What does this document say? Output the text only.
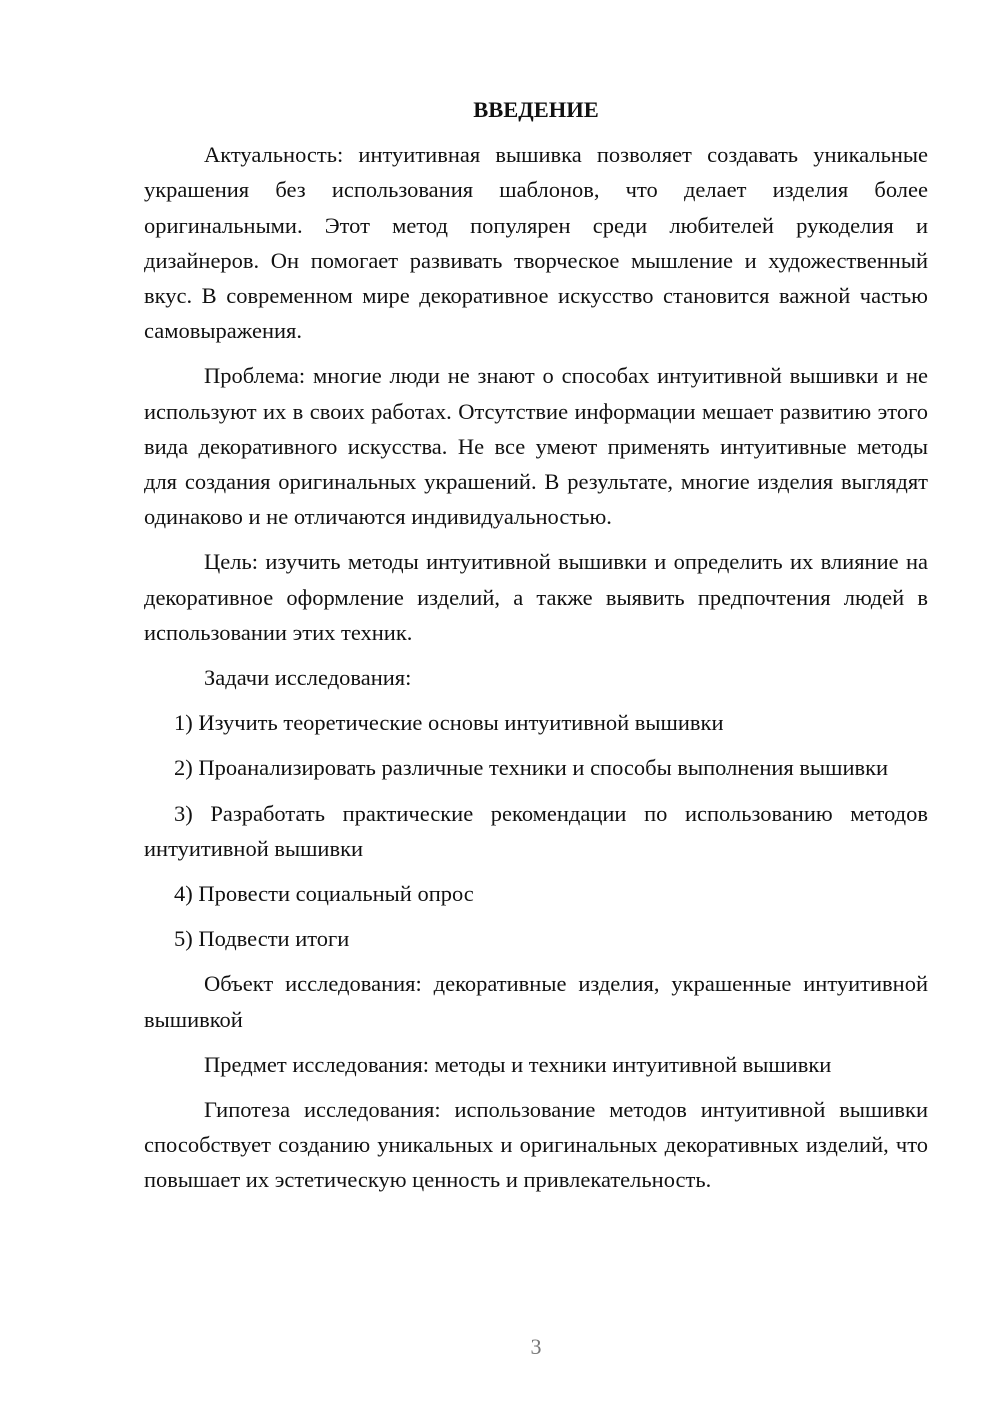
ВВЕДЕНИЕ

Актуальность: интуитивная вышивка позволяет создавать уникальные украшения без использования шаблонов, что делает изделия более оригинальными. Этот метод популярен среди любителей рукоделия и дизайнеров. Он помогает развивать творческое мышление и художественный вкус. В современном мире декоративное искусство становится важной частью самовыражения.

Проблема: многие люди не знают о способах интуитивной вышивки и не используют их в своих работах. Отсутствие информации мешает развитию этого вида декоративного искусства. Не все умеют применять интуитивные методы для создания оригинальных украшений. В результате, многие изделия выглядят одинаково и не отличаются индивидуальностью.

Цель: изучить методы интуитивной вышивки и определить их влияние на декоративное оформление изделий, а также выявить предпочтения людей в использовании этих техник.

Задачи исследования:

1) Изучить теоретические основы интуитивной вышивки

2) Проанализировать различные техники и способы выполнения вышивки

3) Разработать практические рекомендации по использованию методов интуитивной вышивки

4) Провести социальный опрос

5) Подвести итоги

Объект исследования: декоративные изделия, украшенные интуитивной вышивкой

Предмет исследования: методы и техники интуитивной вышивки

Гипотеза исследования: использование методов интуитивной вышивки способствует созданию уникальных и оригинальных декоративных изделий, что повышает их эстетическую ценность и привлекательность.

3
